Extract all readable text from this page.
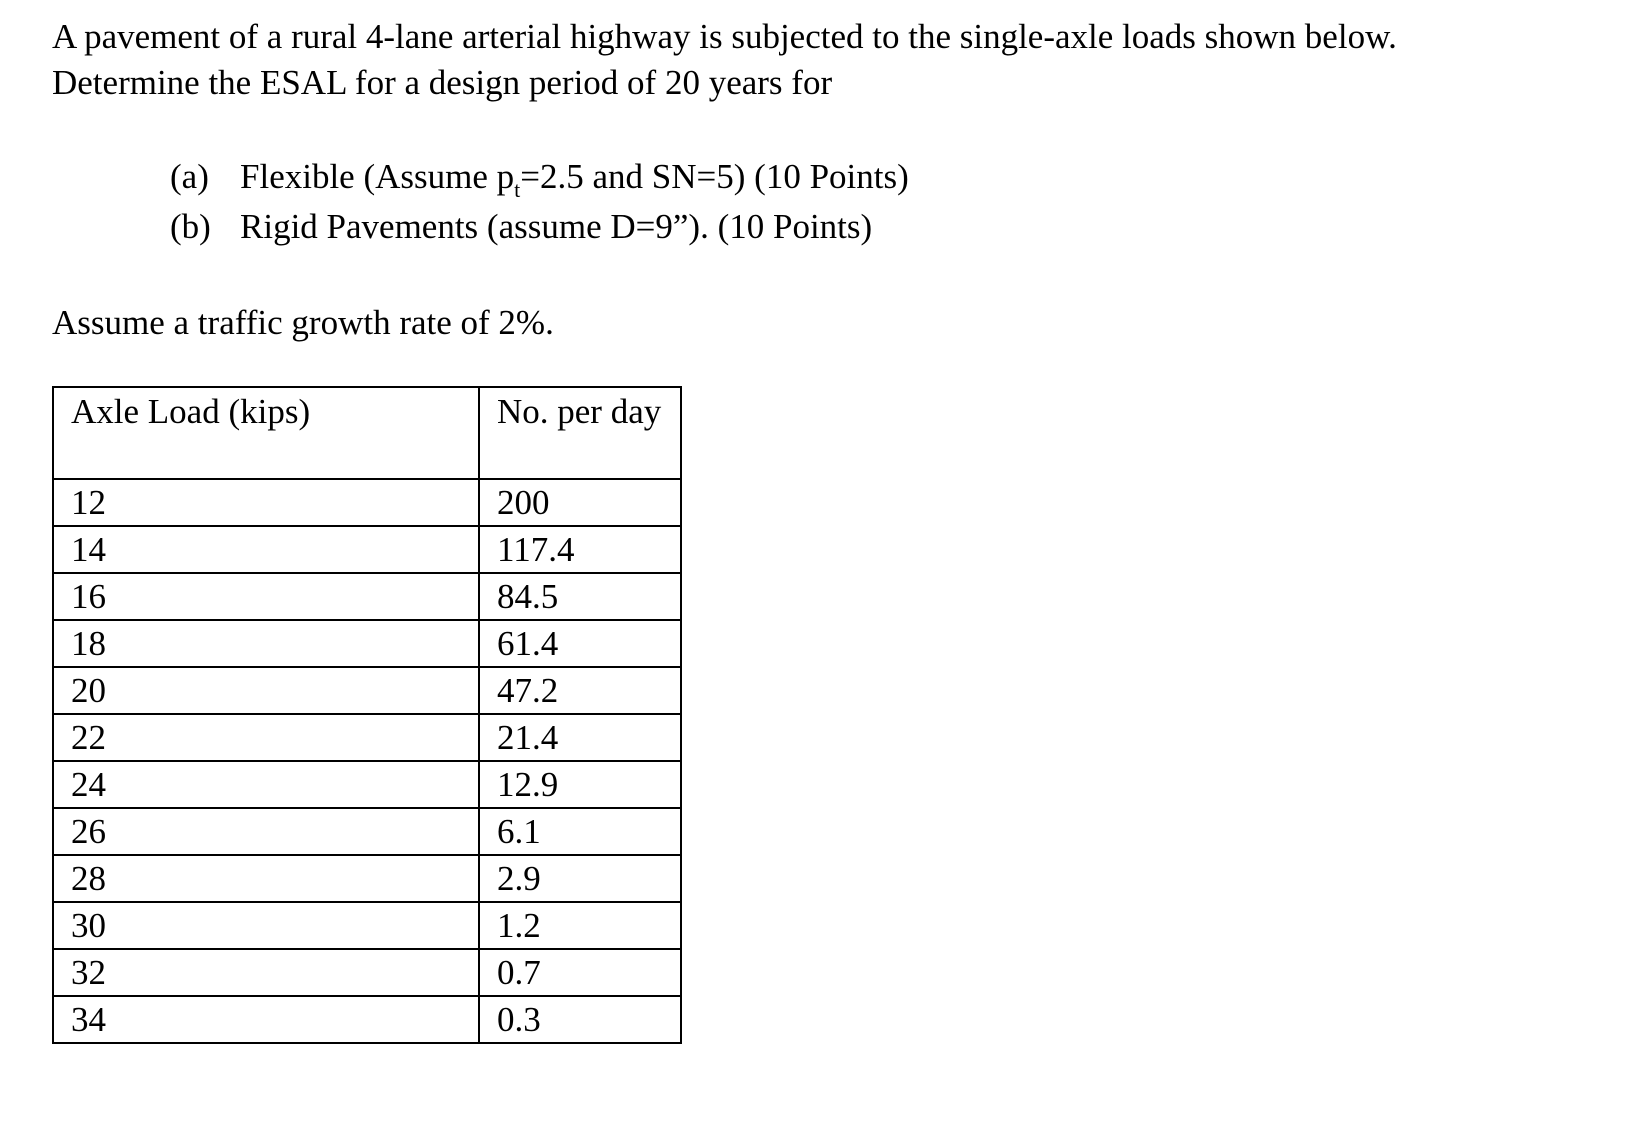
A pavement of a rural 4-lane arterial highway is subjected to the single-axle loads shown below.

Determine the ESAL for a design period of 20 years for

(a) Flexible (Assume $p_t=2.5$ and SN=5) (10 Points)
(b) Rigid Pavements (assume D=9”). (10 Points)

Assume a traffic growth rate of 2%.

Axle Load (kips)	No. per day
12	200
14	117.4
16	84.5
18	61.4
20	47.2
22	21.4
24	12.9
26	6.1
28	2.9
30	1.2
32	0.7
34	0.3
